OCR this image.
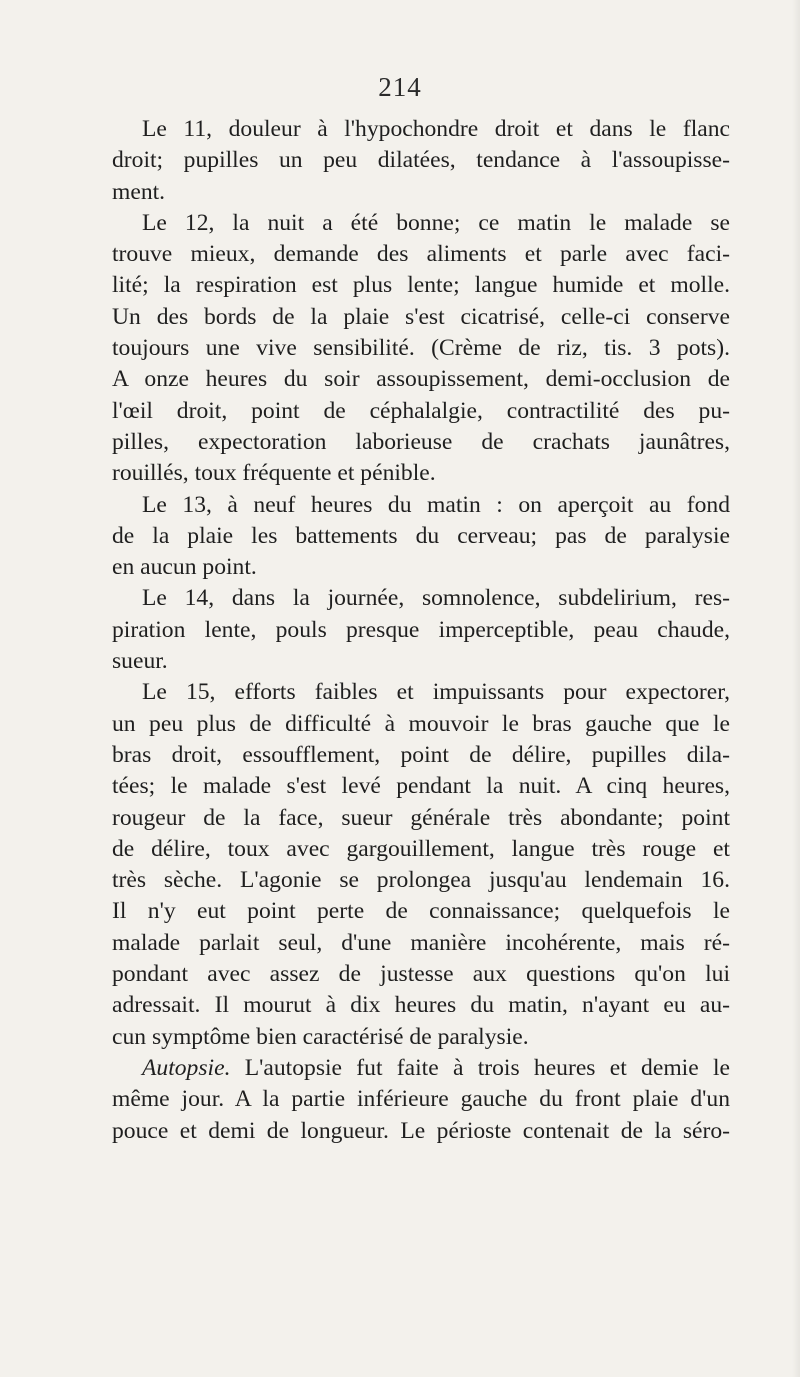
214
Le 11, douleur à l'hypochondre droit et dans le flanc
droit; pupilles un peu dilatées, tendance à l'assoupisse-
ment.
Le 12, la nuit a été bonne; ce matin le malade se
trouve mieux, demande des aliments et parle avec faci-
lité; la respiration est plus lente; langue humide et molle.
Un des bords de la plaie s'est cicatrisé, celle-ci conserve
toujours une vive sensibilité. (Crème de riz, tis. 3 pots).
A onze heures du soir assoupissement, demi-occlusion de
l'œil droit, point de céphalalgie, contractilité des pu-
pilles, expectoration laborieuse de crachats jaunâtres,
rouillés, toux fréquente et pénible.
Le 13, à neuf heures du matin : on aperçoit au fond
de la plaie les battements du cerveau; pas de paralysie
en aucun point.
Le 14, dans la journée, somnolence, subdelirium, res-
piration lente, pouls presque imperceptible, peau chaude,
sueur.
Le 15, efforts faibles et impuissants pour expectorer,
un peu plus de difficulté à mouvoir le bras gauche que le
bras droit, essoufflement, point de délire, pupilles dila-
tées; le malade s'est levé pendant la nuit. A cinq heures,
rougeur de la face, sueur générale très abondante; point
de délire, toux avec gargouillement, langue très rouge et
très sèche. L'agonie se prolongea jusqu'au lendemain 16.
Il n'y eut point perte de connaissance; quelquefois le
malade parlait seul, d'une manière incohérente, mais ré-
pondant avec assez de justesse aux questions qu'on lui
adressait. Il mourut à dix heures du matin, n'ayant eu au-
cun symptôme bien caractérisé de paralysie.
Autopsie. L'autopsie fut faite à trois heures et demie le
même jour. A la partie inférieure gauche du front plaie d'un
pouce et demi de longueur. Le périoste contenait de la séro-
